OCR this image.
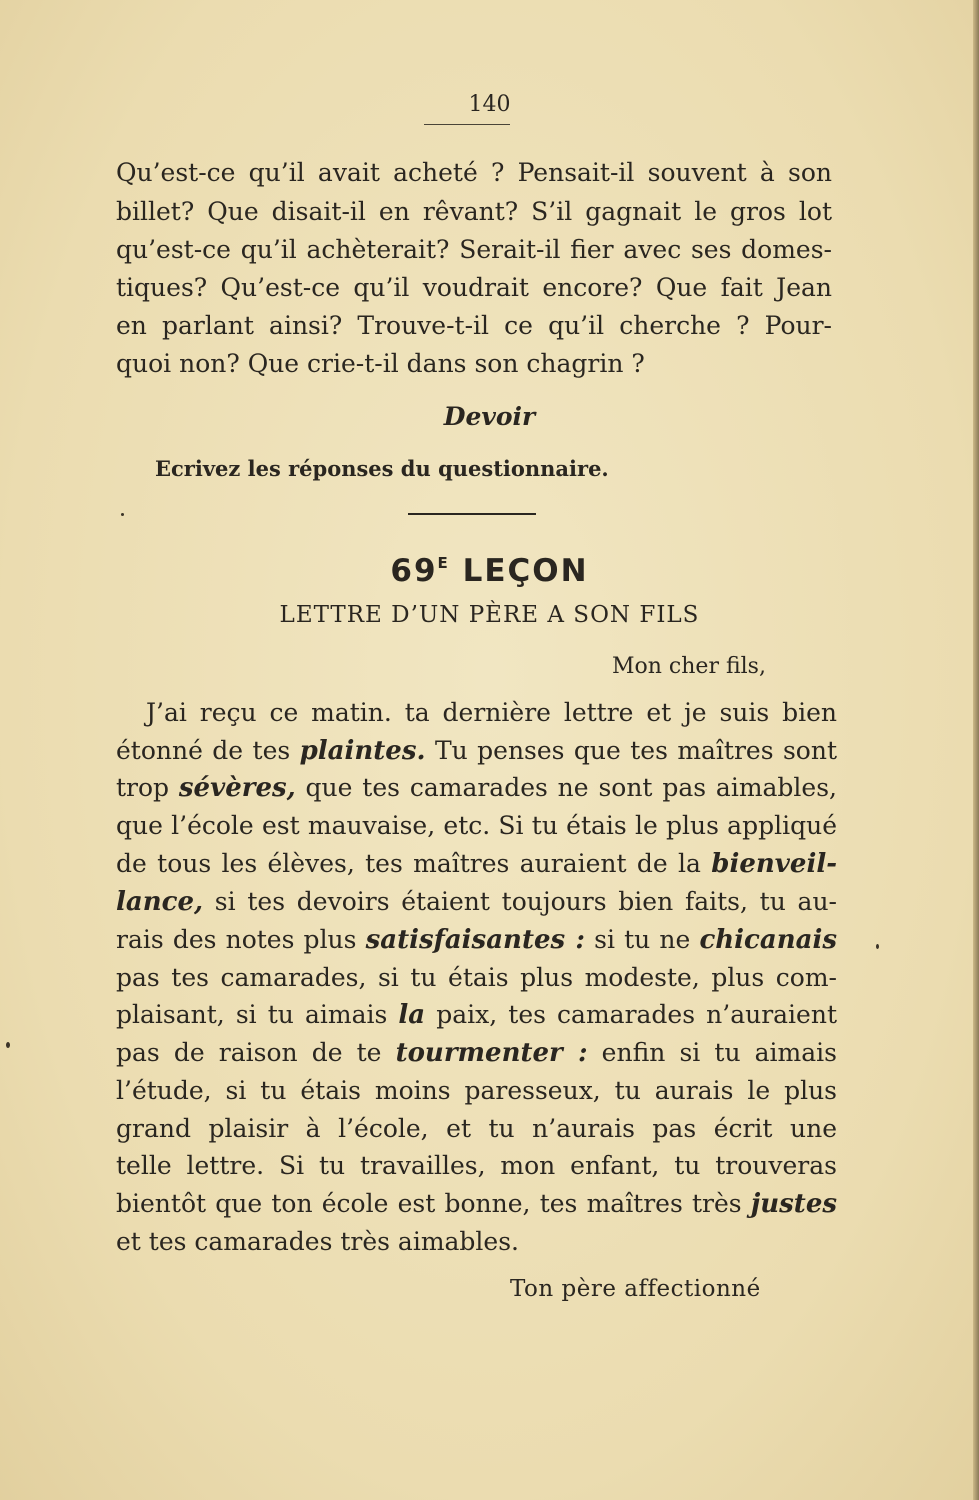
140
Qu’est-ce qu’il avait acheté ? Pensait-il souvent à son
billet? Que disait-il en rêvant? S’il gagnait le gros lot
qu’est-ce qu’il achèterait? Serait-il fier avec ses domes-
tiques? Qu’est-ce qu’il voudrait encore? Que fait Jean
en parlant ainsi? Trouve-t-il ce qu’il cherche ? Pour-
quoi non? Que crie-t-il dans son chagrin ?
Devoir
Ecrivez les réponses du questionnaire.
$69^E$ LEÇON
LETTRE D’UN PÈRE A SON FILS
Mon cher fils,
J’ai reçu ce matin. ta dernière lettre et je suis bien
étonné de tes plaintes. Tu penses que tes maîtres sont
trop sévères, que tes camarades ne sont pas aimables,
que l’école est mauvaise, etc. Si tu étais le plus appliqué
de tous les élèves, tes maîtres auraient de la bienveil-
lance, si tes devoirs étaient toujours bien faits, tu au-
rais des notes plus satisfaisantes : si tu ne chicanais
pas tes camarades, si tu étais plus modeste, plus com-
plaisant, si tu aimais la paix, tes camarades n’auraient
pas de raison de te tourmenter : enfin si tu aimais
l’étude, si tu étais moins paresseux, tu aurais le plus
grand plaisir à l’école, et tu n’aurais pas écrit une
telle lettre. Si tu travailles, mon enfant, tu trouveras
bientôt que ton école est bonne, tes maîtres très justes
et tes camarades très aimables.
Ton père affectionné
